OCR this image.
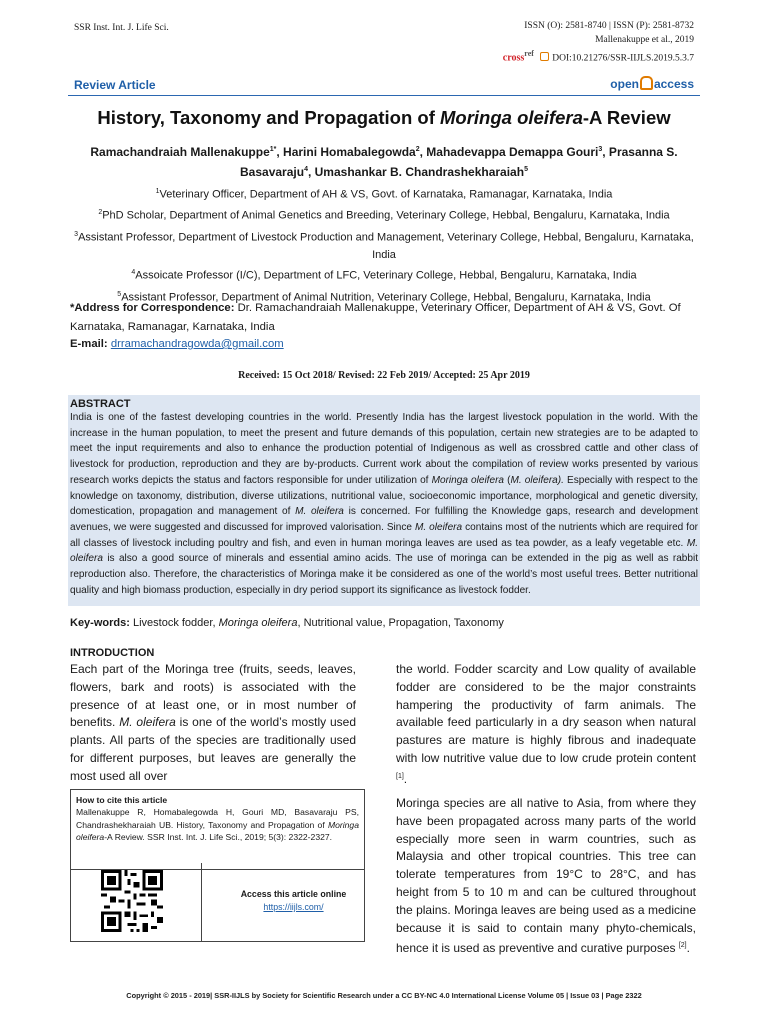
SSR Inst. Int. J. Life Sci.	ISSN (O): 2581-8740 | ISSN (P): 2581-8732
Mallenakuppe et al., 2019
cross$^{ref}$ DOI:10.21276/SSR-IIJLS.2019.5.3.7
Review Article	open access
History, Taxonomy and Propagation of Moringa oleifera-A Review
Ramachandraiah Mallenakuppe$^{1*}$, Harini Homabalegowda$^2$, Mahadevappa Demappa Gouri$^3$, Prasanna S.
Basavaraju$^4$, Umashankar B. Chandrashekharaiah$^5$
$^1$Veterinary Officer, Department of AH & VS, Govt. of Karnataka, Ramanagar, Karnataka, India
$^2$PhD Scholar, Department of Animal Genetics and Breeding, Veterinary College, Hebbal, Bengaluru, Karnataka, India
$^3$Assistant Professor, Department of Livestock Production and Management, Veterinary College, Hebbal, Bengaluru, Karnataka, India
$^4$Assoicate Professor (I/C), Department of LFC, Veterinary College, Hebbal, Bengaluru, Karnataka, India
$^5$Assistant Professor, Department of Animal Nutrition, Veterinary College, Hebbal, Bengaluru, Karnataka, India
*Address for Correspondence: Dr. Ramachandraiah Mallenakuppe, Veterinary Officer, Department of AH & VS, Govt. Of Karnataka, Ramanagar, Karnataka, India
E-mail: drramachandragowda@gmail.com
Received: 15 Oct 2018/ Revised: 22 Feb 2019/ Accepted: 25 Apr 2019
ABSTRACT
India is one of the fastest developing countries in the world. Presently India has the largest livestock population in the world. With the increase in the human population, to meet the present and future demands of this population, certain new strategies are to be adapted to meet the input requirements and also to enhance the production potential of Indigenous as well as crossbred cattle and other class of livestock for production, reproduction and they are by-products. Current work about the compilation of review works presented by various research works depicts the status and factors responsible for under utilization of Moringa oleifera (M. oleifera). Especially with respect to the knowledge on taxonomy, distribution, diverse utilizations, nutritional value, socioeconomic importance, morphological and genetic diversity, domestication, propagation and management of M. oleifera is concerned. For fulfilling the Knowledge gaps, research and development avenues, we were suggested and discussed for improved valorisation. Since M. oleifera contains most of the nutrients which are required for all classes of livestock including poultry and fish, and even in human moringa leaves are used as tea powder, as a leafy vegetable etc. M. oleifera is also a good source of minerals and essential amino acids. The use of moringa can be extended in the pig as well as rabbit reproduction also. Therefore, the characteristics of Moringa make it be considered as one of the world’s most useful trees. Better nutritional quality and high biomass production, especially in dry period support its significance as livestock fodder.
Key-words: Livestock fodder, Moringa oleifera, Nutritional value, Propagation, Taxonomy
INTRODUCTION
Each part of the Moringa tree (fruits, seeds, leaves, flowers, bark and roots) is associated with the presence of at least one, or in most number of benefits. M. oleifera is one of the world’s mostly used plants. All parts of the species are traditionally used for different purposes, but leaves are generally the most used all over
the world. Fodder scarcity and Low quality of available fodder are considered to be the major constraints hampering the productivity of farm animals. The available feed particularly in a dry season when natural pastures are mature is highly fibrous and inadequate with low nutritive value due to low crude protein content [1].
Moringa species are all native to Asia, from where they have been propagated across many parts of the world especially more seen in warm countries, such as Malaysia and other tropical countries. This tree can tolerate temperatures from 19°C to 28°C, and has height from 5 to 10 m and can be cultured throughout the plains. Moringa leaves are being used as a medicine because it is said to contain many phyto-chemicals, hence it is used as preventive and curative purposes [2].
How to cite this article
Mallenakuppe R, Homabalegowda H, Gouri MD, Basavaraju PS, Chandrashekharaiah UB. History, Taxonomy and Propagation of Moringa oleifera-A Review. SSR Inst. Int. J. Life Sci., 2019; 5(3): 2322-2327.
Access this article online
https://iijls.com/
Copyright © 2015 - 2019| SSR-IIJLS by Society for Scientific Research under a CC BY-NC 4.0 International License Volume 05 | Issue 03 | Page 2322
